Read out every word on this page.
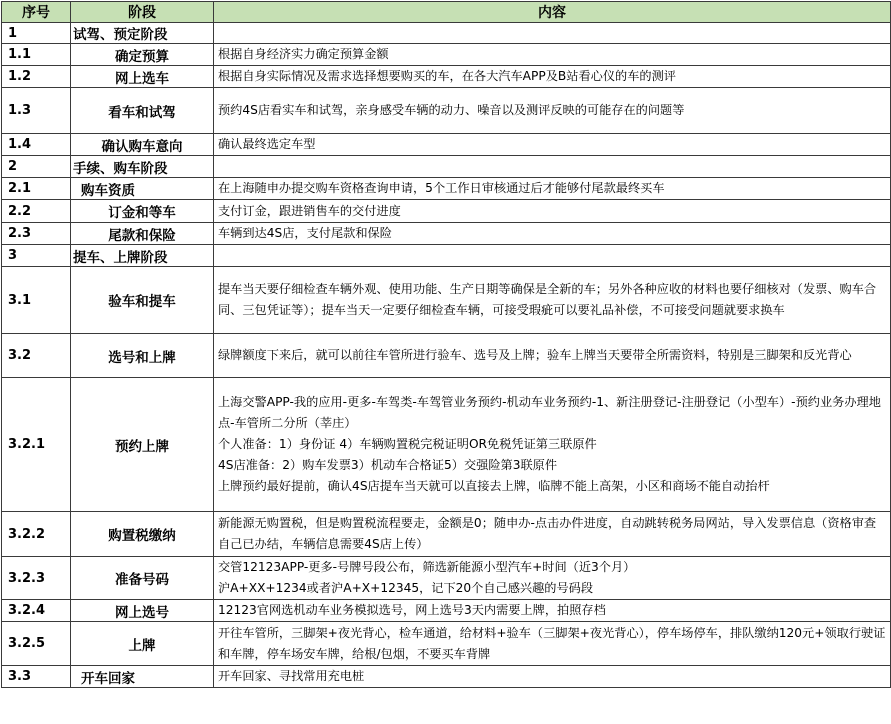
序号	阶段	内容
1	试驾、预定阶段	
1.1	确定预算	根据自身经济实力确定预算金额
1.2	网上选车	根据自身实际情况及需求选择想要购买的车，在各大汽车APP及B站看心仪的车的测评
1.3	看车和试驾	预约4S店看实车和试驾，亲身感受车辆的动力、噪音以及测评反映的可能存在的问题等
1.4	确认购车意向	确认最终选定车型
2	手续、购车阶段	
2.1	购车资质	在上海随申办提交购车资格查询申请，5个工作日审核通过后才能够付尾款最终买车
2.2	订金和等车	支付订金，跟进销售车的交付进度
2.3	尾款和保险	车辆到达4S店，支付尾款和保险
3	提车、上牌阶段	
3.1	验车和提车	提车当天要仔细检查车辆外观、使用功能、生产日期等确保是全新的车；另外各种应收的材料也要仔细核对（发票、购车合同、三包凭证等）；提车当天一定要仔细检查车辆，可接受瑕疵可以要礼品补偿，不可接受问题就要求换车
3.2	选号和上牌	绿牌额度下来后，就可以前往车管所进行验车、选号及上牌；验车上牌当天要带全所需资料，特别是三脚架和反光背心
3.2.1	预约上牌	上海交警APP-我的应用-更多-车驾类-车驾管业务预约-机动车业务预约-1、新注册登记-注册登记（小型车）-预约业务办理地点-车管所二分所（莘庄）
个人准备：1）身份证 4）车辆购置税完税证明OR免税凭证第三联原件
4S店准备：2）购车发票3）机动车合格证5）交强险第3联原件
上牌预约最好提前，确认4S店提车当天就可以直接去上牌，临牌不能上高架，小区和商场不能自动抬杆
3.2.2	购置税缴纳	新能源无购置税，但是购置税流程要走，金额是0；随申办-点击办件进度，自动跳转税务局网站，导入发票信息（资格审查自己已办结，车辆信息需要4S店上传）
3.2.3	准备号码	交管12123APP-更多-号牌号段公布，筛选新能源小型汽车+时间（近3个月）
沪A+XX+1234或者沪A+X+12345，记下20个自己感兴趣的号码段
3.2.4	网上选号	12123官网选机动车业务模拟选号，网上选号3天内需要上牌，拍照存档
3.2.5	上牌	开往车管所，三脚架+夜光背心，检车通道，给材料+验车（三脚架+夜光背心），停车场停车，排队缴纳120元+领取行驶证和车牌，停车场安车牌，给根/包烟，不要买车背牌
3.3	开车回家	开车回家、寻找常用充电桩
